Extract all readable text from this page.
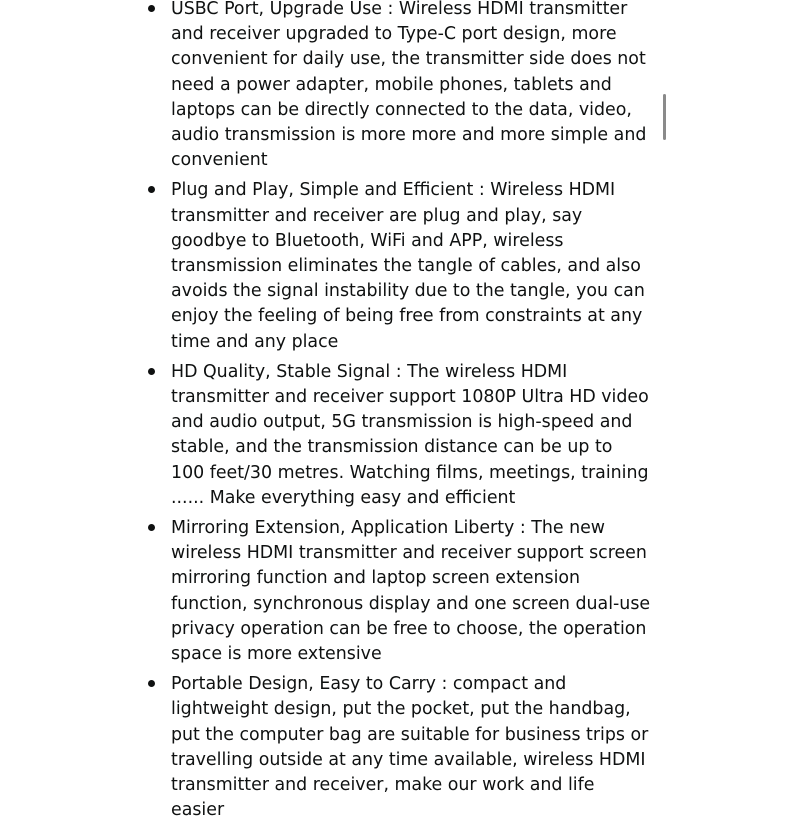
USBC Port, Upgrade Use : Wireless HDMI transmitter and receiver upgraded to Type-C port design, more convenient for daily use, the transmitter side does not need a power adapter, mobile phones, tablets and laptops can be directly connected to the data, video, audio transmission is more more and more simple and convenient
Plug and Play, Simple and Efficient : Wireless HDMI transmitter and receiver are plug and play, say goodbye to Bluetooth, WiFi and APP, wireless transmission eliminates the tangle of cables, and also avoids the signal instability due to the tangle, you can enjoy the feeling of being free from constraints at any time and any place
HD Quality, Stable Signal : The wireless HDMI transmitter and receiver support 1080P Ultra HD video and audio output, 5G transmission is high-speed and stable, and the transmission distance can be up to 100 feet/30 metres. Watching films, meetings, training ...... Make everything easy and efficient
Mirroring Extension, Application Liberty : The new wireless HDMI transmitter and receiver support screen mirroring function and laptop screen extension function, synchronous display and one screen dual-use privacy operation can be free to choose, the operation space is more extensive
Portable Design, Easy to Carry : compact and lightweight design, put the pocket, put the handbag, put the computer bag are suitable for business trips or travelling outside at any time available, wireless HDMI transmitter and receiver, make our work and life easier
